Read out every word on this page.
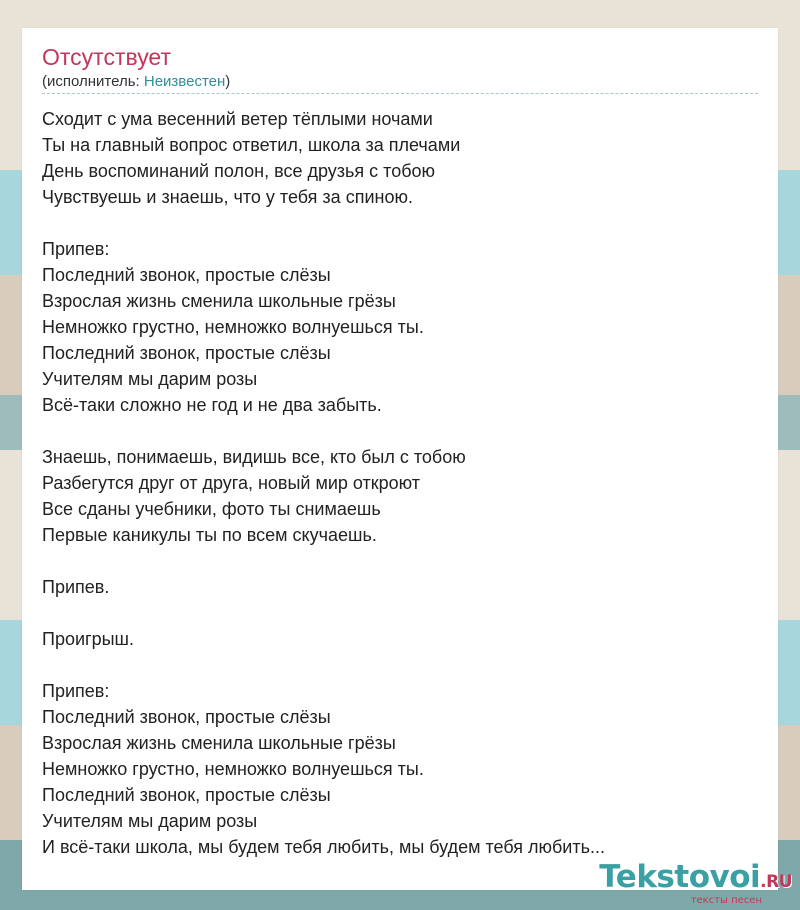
Отсутствует
(исполнитель: Неизвестен)
Сходит с ума весенний ветер тёплыми ночами
Ты на главный вопрос ответил, школа за плечами
День воспоминаний полон, все друзья с тобою
Чувствуешь и знаешь, что у тебя за спиною.
Припев:
Последний звонок, простые слёзы
Взрослая жизнь сменила школьные грёзы
Немножко грустно, немножко волнуешься ты.
Последний звонок, простые слёзы
Учителям мы дарим розы
Всё-таки сложно не год и не два забыть.
Знаешь, понимаешь, видишь все, кто был с тобою
Разбегутся друг от друга, новый мир откроют
Все сданы учебники, фото ты снимаешь
Первые каникулы ты по всем скучаешь.
Припев.
Проигрыш.
Припев:
Последний звонок, простые слёзы
Взрослая жизнь сменила школьные грёзы
Немножко грустно, немножко волнуешься ты.
Последний звонок, простые слёзы
Учителям мы дарим розы
И всё-таки школа, мы будем тебя любить, мы будем тебя любить...
Tekstovoi.RU
тексты песен
